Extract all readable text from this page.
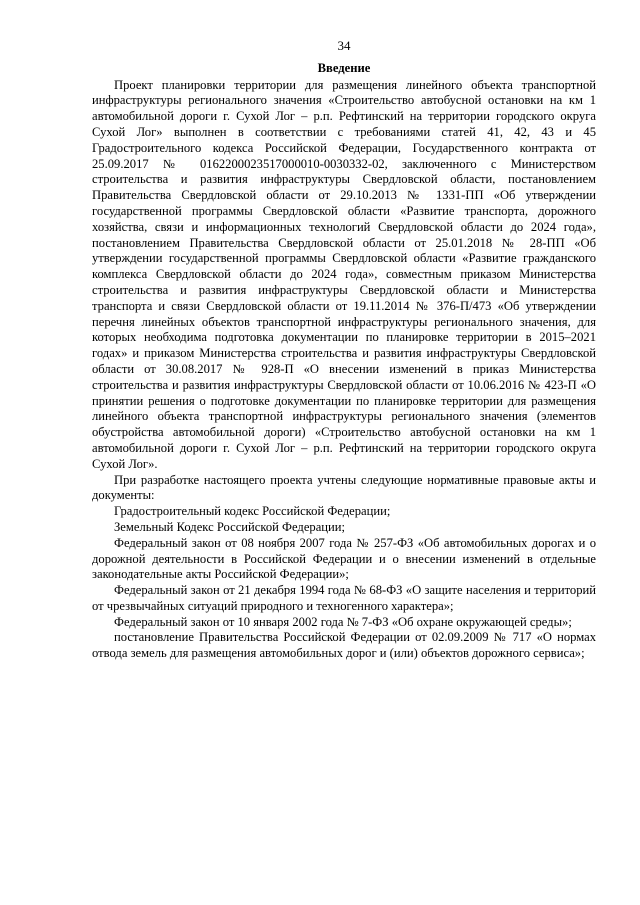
34
Введение

Проект планировки территории для размещения линейного объекта транспортной инфраструктуры регионального значения «Строительство автобусной остановки на км 1 автомобильной дороги г. Сухой Лог – р.п. Рефтинский на территории городского округа Сухой Лог» выполнен в соответствии с требованиями статей 41, 42, 43 и 45 Градостроительного кодекса Российской Федерации, Государственного контракта от 25.09.2017 № 0162200023517000010-0030332-02, заключенного с Министерством строительства и развития инфраструктуры Свердловской области, постановлением Правительства Свердловской области от 29.10.2013 № 1331-ПП «Об утверждении государственной программы Свердловской области «Развитие транспорта, дорожного хозяйства, связи и информационных технологий Свердловской области до 2024 года», постановлением Правительства Свердловской области от 25.01.2018 № 28-ПП «Об утверждении государственной программы Свердловской области «Развитие гражданского комплекса Свердловской области до 2024 года», совместным приказом Министерства строительства и развития инфраструктуры Свердловской области и Министерства транспорта и связи Свердловской области от 19.11.2014 № 376-П/473 «Об утверждении перечня линейных объектов транспортной инфраструктуры регионального значения, для которых необходима подготовка документации по планировке территории в 2015–2021 годах» и приказом Министерства строительства и развития инфраструктуры Свердловской области от 30.08.2017 № 928-П «О внесении изменений в приказ Министерства строительства и развития инфраструктуры Свердловской области от 10.06.2016 № 423-П «О принятии решения о подготовке документации по планировке территории для размещения линейного объекта транспортной инфраструктуры регионального значения (элементов обустройства автомобильной дороги) «Строительство автобусной остановки на км 1 автомобильной дороги г. Сухой Лог – р.п. Рефтинский на территории городского округа Сухой Лог».

При разработке настоящего проекта учтены следующие нормативные правовые акты и документы:

Градостроительный кодекс Российской Федерации;

Земельный Кодекс Российской Федерации;

Федеральный закон от 08 ноября 2007 года № 257-ФЗ «Об автомобильных дорогах и о дорожной деятельности в Российской Федерации и о внесении изменений в отдельные законодательные акты Российской Федерации»;

Федеральный закон от 21 декабря 1994 года № 68-ФЗ «О защите населения и территорий от чрезвычайных ситуаций природного и техногенного характера»;

Федеральный закон от 10 января 2002 года № 7-ФЗ «Об охране окружающей среды»;

постановление Правительства Российской Федерации от 02.09.2009 № 717 «О нормах отвода земель для размещения автомобильных дорог и (или) объектов дорожного сервиса»;
